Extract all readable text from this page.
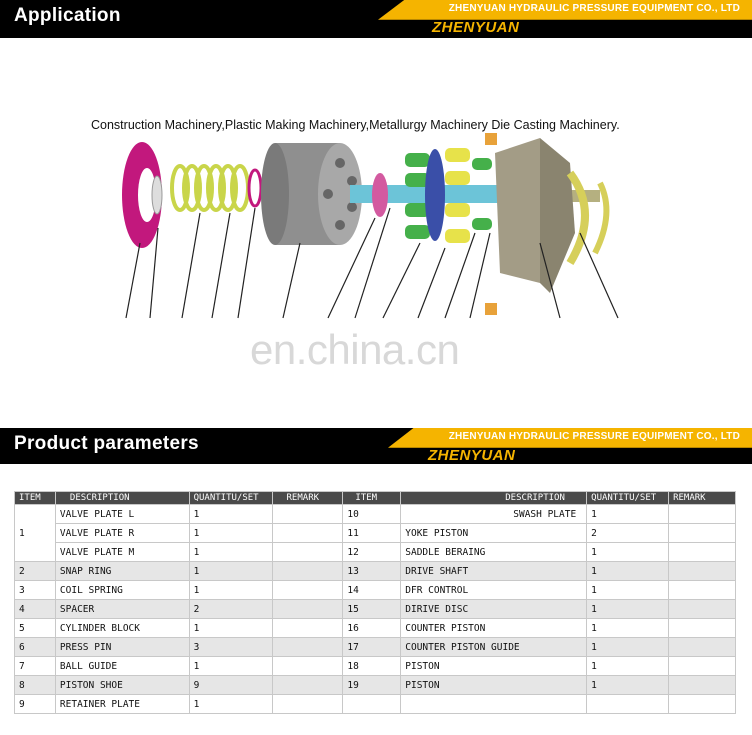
Application	ZHENYUAN HYDRAULIC PRESSURE EQUIPMENT CO., LTD
ZHENYUAN
Construction Machinery,Plastic Making Machinery,Metallurgy Machinery Die Casting Machinery.
en.china.cn
Product parameters	ZHENYUAN HYDRAULIC PRESSURE EQUIPMENT CO., LTD
ZHENYUAN
ITEM	DESCRIPTION	QUANTITU/SET	REMARK	ITEM	DESCRIPTION	QUANTITU/SET	REMARK
1	VALVE PLATE L	1		10	SWASH PLATE	1	
	VALVE PLATE R	1		11	YOKE PISTON	2	
	VALVE PLATE M	1		12	SADDLE BERAING	1	
2	SNAP RING	1		13	DRIVE SHAFT	1	
3	COIL SPRING	1		14	DFR CONTROL	1	
4	SPACER	2		15	DIRIVE DISC	1	
5	CYLINDER BLOCK	1		16	COUNTER PISTON	1	
6	PRESS PIN	3		17	COUNTER PISTON GUIDE	1	
7	BALL GUIDE	1		18	PISTON	1	
8	PISTON SHOE	9		19	PISTON	1	
9	RETAINER PLATE	1					
